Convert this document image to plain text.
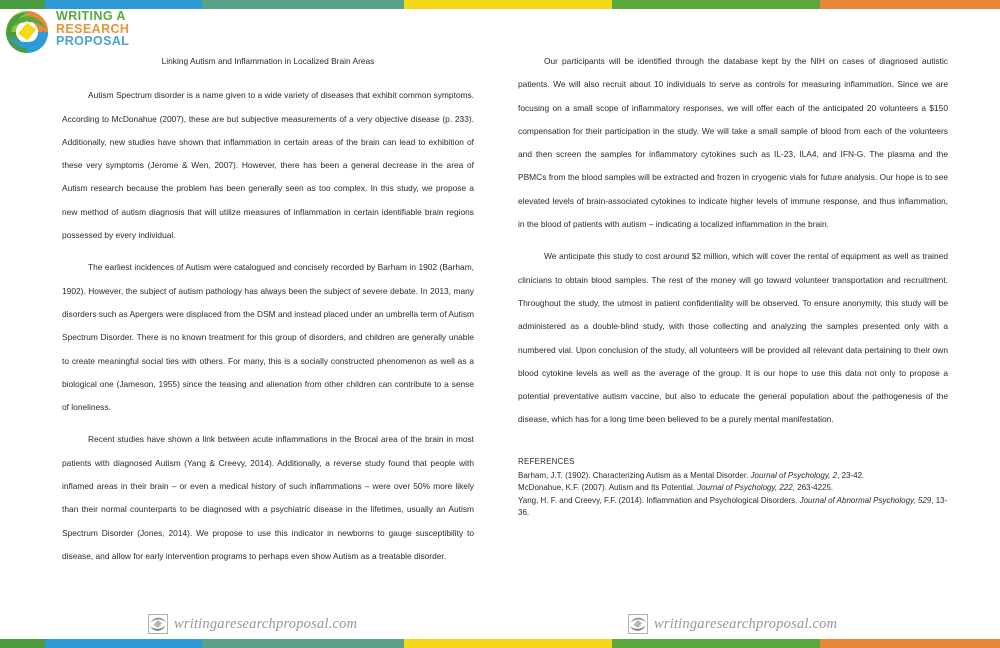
WRITING A
RESEARCH
PROPOSAL

Linking Autism and Inflammation in Localized Brain Areas

Autism Spectrum disorder is a name given to a wide variety of diseases that exhibit common symptoms. According to McDonahue (2007), these are but subjective measurements of a very objective disease (p. 233). Additionally, new studies have shown that inflammation in certain areas of the brain can lead to exhibition of these very symptoms (Jerome & Wen, 2007). However, there has been a general decrease in the area of Autism research because the problem has been generally seen as too complex. In this study, we propose a new method of autism diagnosis that will utilize measures of inflammation in certain identifiable brain regions possessed by every individual.

The earliest incidences of Autism were catalogued and concisely recorded by Barham in 1902 (Barham, 1902). However, the subject of autism pathology has always been the subject of severe debate. In 2013, many disorders such as Apergers were displaced from the DSM and instead placed under an umbrella term of Autism Spectrum Disorder. There is no known treatment for this group of disorders, and children are generally unable to create meaningful social ties with others. For many, this is a socially constructed phenomenon as well as a biological one (Jameson, 1955) since the teasing and alienation from other children can contribute to a sense of loneliness.

Recent studies have shown a link between acute inflammations in the Brocal area of the brain in most patients with diagnosed Autism (Yang & Creevy, 2014). Additionally, a reverse study found that people with inflamed areas in their brain – or even a medical history of such inflammations – were over 50% more likely than their normal counterparts to be diagnosed with a psychiatric disease in the lifetimes, usually an Autism Spectrum Disorder (Jones, 2014). We propose to use this indicator in newborns to gauge susceptibility to disease, and allow for early intervention programs to perhaps even show Autism as a treatable disorder.

Our participants will be identified through the database kept by the NIH on cases of diagnosed autistic patients. We will also recruit about 10 individuals to serve as controls for measuring inflammation. Since we are focusing on a small scope of inflammatory responses, we will offer each of the anticipated 20 volunteers a $150 compensation for their participation in the study. We will take a small sample of blood from each of the volunteers and then screen the samples for inflammatory cytokines such as IL-23, ILA4, and IFN-G. The plasma and the PBMCs from the blood samples will be extracted and frozen in cryogenic vials for future analysis. Our hope is to see elevated levels of brain-associated cytokines to indicate higher levels of immune response, and thus inflammation, in the blood of patients with autism – indicating a localized inflammation in the brain.

We anticipate this study to cost around $2 million, which will cover the rental of equipment as well as trained clinicians to obtain blood samples. The rest of the money will go toward volunteer transportation and recruitment. Throughout the study, the utmost in patient confidentiality will be observed. To ensure anonymity, this study will be administered as a double-blind study, with those collecting and analyzing the samples presented only with a numbered vial. Upon conclusion of the study, all volunteers will be provided all relevant data pertaining to their own blood cytokine levels as well as the average of the group. It is our hope to use this data not only to propose a potential preventative autism vaccine, but also to educate the general population about the pathogenesis of the disease, which has for a long time been believed to be a purely mental manifestation.

REFERENCES

Barham, J.T. (1902). Characterizing Autism as a Mental Disorder. Journal of Psychology, 2, 23-42.

McDonahue, K.F. (2007). Autism and Its Potential. Journal of Psychology, 222, 263-4225.

Yang, H. F. and Creevy, F.F. (2014). Inflammation and Psychological Disorders. Journal of Abnormal Psychology, 529, 13-36.

writingaresearchproposal.com	writingaresearchproposal.com
